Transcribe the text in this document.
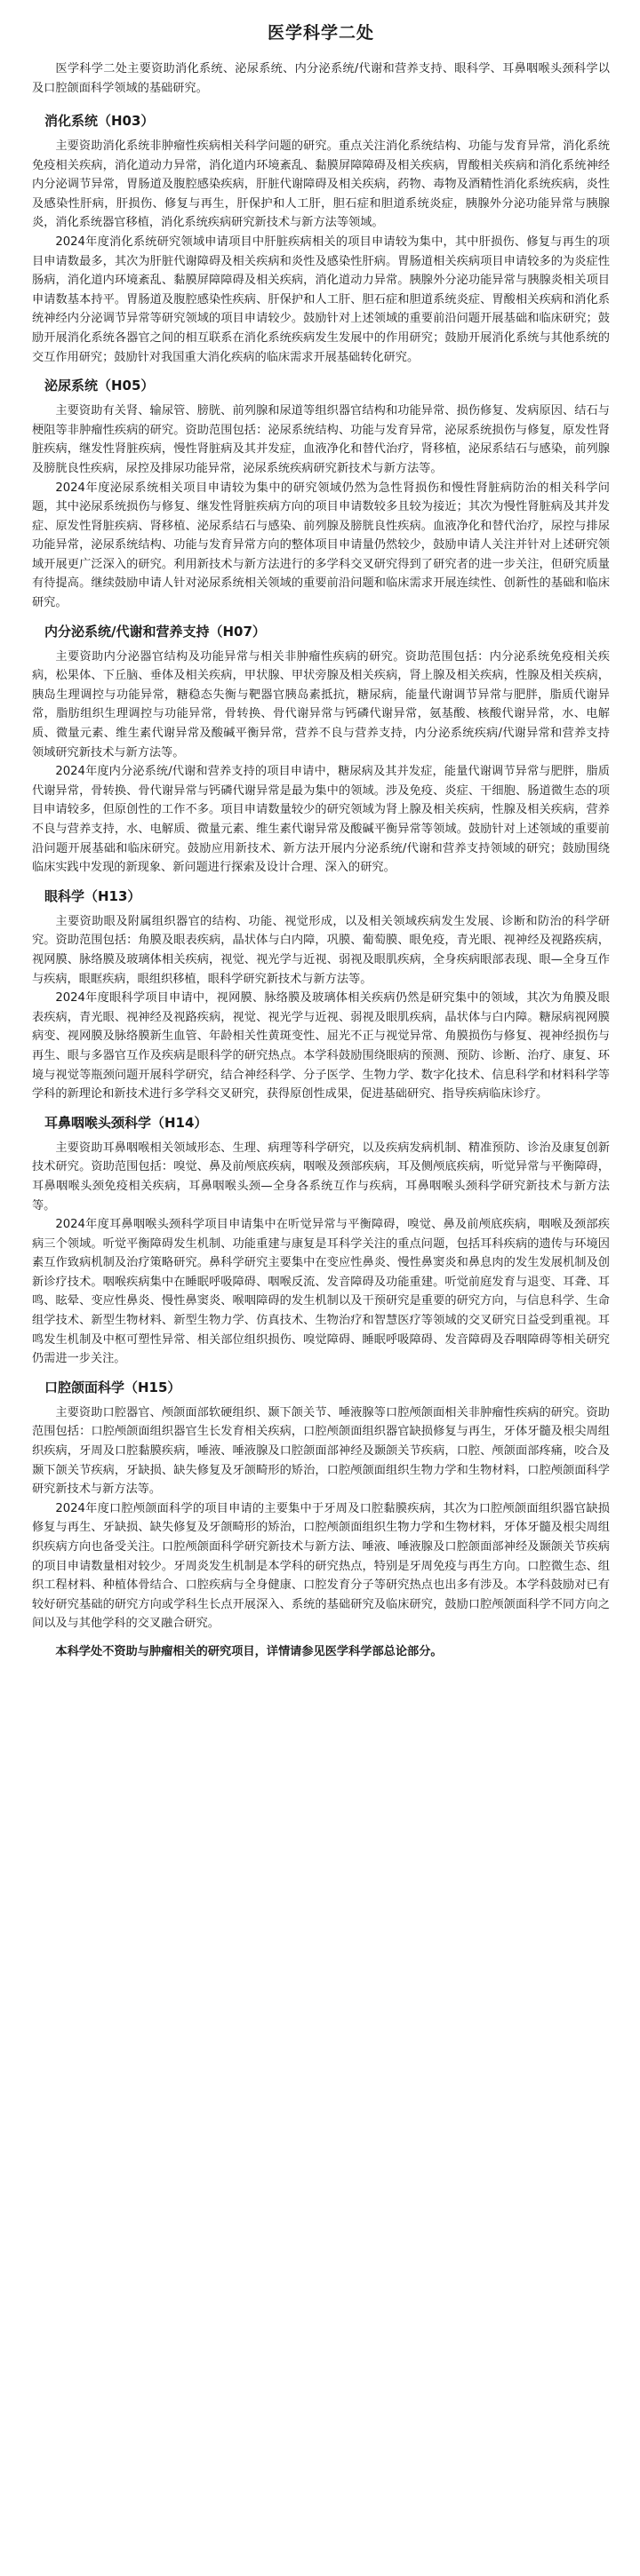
医学科学二处

医学科学二处主要资助消化系统、泌尿系统、内分泌系统/代谢和营养支持、眼科学、耳鼻咽喉头颈科学以及口腔颌面科学领域的基础研究。

消化系统（H03）

主要资助消化系统非肿瘤性疾病相关科学问题的研究。重点关注消化系统结构、功能与发育异常，消化系统免疫相关疾病，消化道动力异常，消化道内环境紊乱、黏膜屏障障碍及相关疾病，胃酸相关疾病和消化系统神经内分泌调节异常，胃肠道及腹腔感染疾病，肝脏代谢障碍及相关疾病，药物、毒物及酒精性消化系统疾病，炎性及感染性肝病，肝损伤、修复与再生，肝保护和人工肝，胆石症和胆道系统炎症，胰腺外分泌功能异常与胰腺炎，消化系统器官移植，消化系统疾病研究新技术与新方法等领域。

2024年度消化系统研究领域申请项目中肝脏疾病相关的项目申请较为集中，其中肝损伤、修复与再生的项目申请数最多，其次为肝脏代谢障碍及相关疾病和炎性及感染性肝病。胃肠道相关疾病项目申请较多的为炎症性肠病，消化道内环境紊乱、黏膜屏障障碍及相关疾病，消化道动力异常。胰腺外分泌功能异常与胰腺炎相关项目申请数基本持平。胃肠道及腹腔感染性疾病、肝保护和人工肝、胆石症和胆道系统炎症、胃酸相关疾病和消化系统神经内分泌调节异常等研究领域的项目申请较少。鼓励针对上述领域的重要前沿问题开展基础和临床研究；鼓励开展消化系统各器官之间的相互联系在消化系统疾病发生发展中的作用研究；鼓励开展消化系统与其他系统的交互作用研究；鼓励针对我国重大消化疾病的临床需求开展基础转化研究。

泌尿系统（H05）

主要资助有关肾、输尿管、膀胱、前列腺和尿道等组织器官结构和功能异常、损伤修复、发病原因、结石与梗阻等非肿瘤性疾病的研究。资助范围包括：泌尿系统结构、功能与发育异常，泌尿系统损伤与修复，原发性肾脏疾病，继发性肾脏疾病，慢性肾脏病及其并发症，血液净化和替代治疗，肾移植，泌尿系结石与感染，前列腺及膀胱良性疾病，尿控及排尿功能异常，泌尿系统疾病研究新技术与新方法等。

2024年度泌尿系统相关项目申请较为集中的研究领域仍然为急性肾损伤和慢性肾脏病防治的相关科学问题，其中泌尿系统损伤与修复、继发性肾脏疾病方向的项目申请数较多且较为接近；其次为慢性肾脏病及其并发症、原发性肾脏疾病、肾移植、泌尿系结石与感染、前列腺及膀胱良性疾病。血液净化和替代治疗，尿控与排尿功能异常，泌尿系统结构、功能与发育异常方向的整体项目申请量仍然较少，鼓励申请人关注并针对上述研究领域开展更广泛深入的研究。利用新技术与新方法进行的多学科交叉研究得到了研究者的进一步关注，但研究质量有待提高。继续鼓励申请人针对泌尿系统相关领域的重要前沿问题和临床需求开展连续性、创新性的基础和临床研究。

内分泌系统/代谢和营养支持（H07）

主要资助内分泌器官结构及功能异常与相关非肿瘤性疾病的研究。资助范围包括：内分泌系统免疫相关疾病，松果体、下丘脑、垂体及相关疾病，甲状腺、甲状旁腺及相关疾病，肾上腺及相关疾病，性腺及相关疾病，胰岛生理调控与功能异常，糖稳态失衡与靶器官胰岛素抵抗，糖尿病，能量代谢调节异常与肥胖，脂质代谢异常，脂肪组织生理调控与功能异常，骨转换、骨代谢异常与钙磷代谢异常，氨基酸、核酸代谢异常，水、电解质、微量元素、维生素代谢异常及酸碱平衡异常，营养不良与营养支持，内分泌系统疾病/代谢异常和营养支持领域研究新技术与新方法等。

2024年度内分泌系统/代谢和营养支持的项目申请中，糖尿病及其并发症，能量代谢调节异常与肥胖，脂质代谢异常，骨转换、骨代谢异常与钙磷代谢异常是最为集中的领域。涉及免疫、炎症、干细胞、肠道微生态的项目申请较多，但原创性的工作不多。项目申请数量较少的研究领域为肾上腺及相关疾病，性腺及相关疾病，营养不良与营养支持，水、电解质、微量元素、维生素代谢异常及酸碱平衡异常等领域。鼓励针对上述领域的重要前沿问题开展基础和临床研究。鼓励应用新技术、新方法开展内分泌系统/代谢和营养支持领域的研究；鼓励围绕临床实践中发现的新现象、新问题进行探索及设计合理、深入的研究。

眼科学（H13）

主要资助眼及附属组织器官的结构、功能、视觉形成，以及相关领域疾病发生发展、诊断和防治的科学研究。资助范围包括：角膜及眼表疾病，晶状体与白内障，巩膜、葡萄膜、眼免疫，青光眼、视神经及视路疾病，视网膜、脉络膜及玻璃体相关疾病，视觉、视光学与近视、弱视及眼肌疾病，全身疾病眼部表现、眼—全身互作与疾病，眼眶疾病，眼组织移植，眼科学研究新技术与新方法等。

2024年度眼科学项目申请中，视网膜、脉络膜及玻璃体相关疾病仍然是研究集中的领域，其次为角膜及眼表疾病，青光眼、视神经及视路疾病，视觉、视光学与近视、弱视及眼肌疾病，晶状体与白内障。糖尿病视网膜病变、视网膜及脉络膜新生血管、年龄相关性黄斑变性、屈光不正与视觉异常、角膜损伤与修复、视神经损伤与再生、眼与多器官互作及疾病是眼科学的研究热点。本学科鼓励围绕眼病的预测、预防、诊断、治疗、康复、环境与视觉等瓶颈问题开展科学研究，结合神经科学、分子医学、生物力学、数字化技术、信息科学和材料科学等学科的新理论和新技术进行多学科交叉研究，获得原创性成果，促进基础研究、指导疾病临床诊疗。

耳鼻咽喉头颈科学（H14）

主要资助耳鼻咽喉相关领域形态、生理、病理等科学研究，以及疾病发病机制、精准预防、诊治及康复创新技术研究。资助范围包括：嗅觉、鼻及前颅底疾病，咽喉及颈部疾病，耳及侧颅底疾病，听觉异常与平衡障碍，耳鼻咽喉头颈免疫相关疾病，耳鼻咽喉头颈—全身各系统互作与疾病，耳鼻咽喉头颈科学研究新技术与新方法等。

2024年度耳鼻咽喉头颈科学项目申请集中在听觉异常与平衡障碍，嗅觉、鼻及前颅底疾病，咽喉及颈部疾病三个领域。听觉平衡障碍发生机制、功能重建与康复是耳科学关注的重点问题，包括耳科疾病的遗传与环境因素互作致病机制及治疗策略研究。鼻科学研究主要集中在变应性鼻炎、慢性鼻窦炎和鼻息肉的发生发展机制及创新诊疗技术。咽喉疾病集中在睡眠呼吸障碍、咽喉反流、发音障碍及功能重建。听觉前庭发育与退变、耳聋、耳鸣、眩晕、变应性鼻炎、慢性鼻窦炎、喉咽障碍的发生机制以及干预研究是重要的研究方向，与信息科学、生命组学技术、新型生物材料、新型生物力学、仿真技术、生物治疗和智慧医疗等领域的交叉研究日益受到重视。耳鸣发生机制及中枢可塑性异常、相关部位组织损伤、嗅觉障碍、睡眠呼吸障碍、发音障碍及吞咽障碍等相关研究仍需进一步关注。

口腔颌面科学（H15）

主要资助口腔器官、颅颌面部软硬组织、颞下颌关节、唾液腺等口腔颅颌面相关非肿瘤性疾病的研究。资助范围包括：口腔颅颌面组织器官生长发育相关疾病，口腔颅颌面组织器官缺损修复与再生，牙体牙髓及根尖周组织疾病，牙周及口腔黏膜疾病，唾液、唾液腺及口腔颌面部神经及颞颌关节疾病，口腔、颅颌面部疼痛，咬合及颞下颌关节疾病，牙缺损、缺失修复及牙颌畸形的矫治，口腔颅颌面组织生物力学和生物材料，口腔颅颌面科学研究新技术与新方法等。

2024年度口腔颅颌面科学的项目申请的主要集中于牙周及口腔黏膜疾病，其次为口腔颅颌面组织器官缺损修复与再生、牙缺损、缺失修复及牙颌畸形的矫治，口腔颅颌面组织生物力学和生物材料，牙体牙髓及根尖周组织疾病方向也备受关注。口腔颅颌面科学研究新技术与新方法、唾液、唾液腺及口腔颌面部神经及颞颌关节疾病的项目申请数量相对较少。牙周炎发生机制是本学科的研究热点，特别是牙周免疫与再生方向。口腔微生态、组织工程材料、种植体骨结合、口腔疾病与全身健康、口腔发育分子等研究热点也出多有涉及。本学科鼓励对已有较好研究基础的研究方向或学科生长点开展深入、系统的基础研究及临床研究，鼓励口腔颅颌面科学不同方向之间以及与其他学科的交叉融合研究。

本科学处不资助与肿瘤相关的研究项目，详情请参见医学科学部总论部分。
